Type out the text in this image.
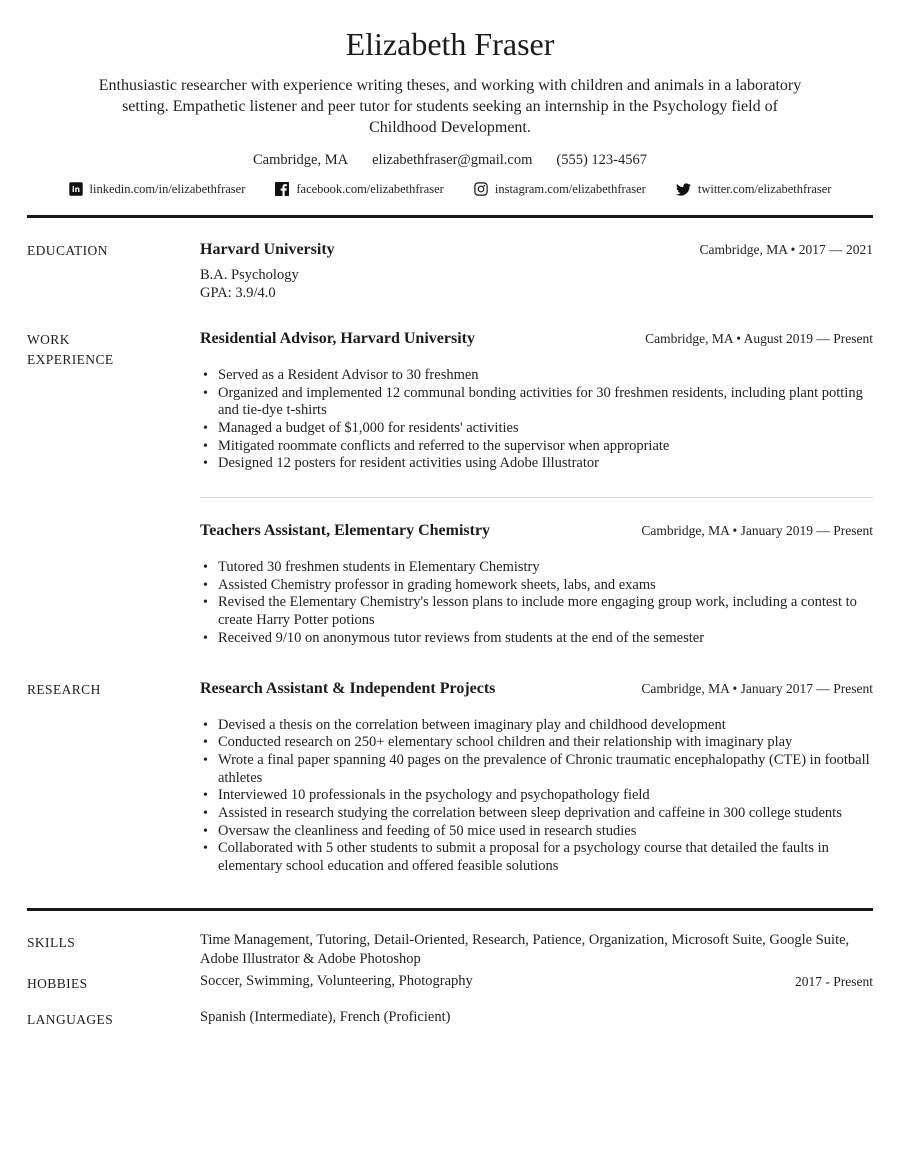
Elizabeth Fraser

Enthusiastic researcher with experience writing theses, and working with children and animals in a laboratory setting. Empathetic listener and peer tutor for students seeking an internship in the Psychology field of Childhood Development.

Cambridge, MA elizabethfraser@gmail.com (555) 123-4567
in linkedin.com/in/elizabethfraser	facebook.com/elizabethfraser	instagram.com/elizabethfraser	twitter.com/elizabethfraser
EDUCATION	Harvard University	Cambridge, MA • 2017 — 2021
B.A. Psychology
GPA: 3.9/4.0
WORK EXPERIENCE
Residential Advisor, Harvard University	Cambridge, MA • August 2019 — Present
• Served as a Resident Advisor to 30 freshmen
• Organized and implemented 12 communal bonding activities for 30 freshmen residents, including plant potting and tie-dye t-shirts
• Managed a budget of $1,000 for residents' activities
• Mitigated roommate conflicts and referred to the supervisor when appropriate
• Designed 12 posters for resident activities using Adobe Illustrator
Teachers Assistant, Elementary Chemistry	Cambridge, MA • January 2019 — Present
• Tutored 30 freshmen students in Elementary Chemistry
• Assisted Chemistry professor in grading homework sheets, labs, and exams
• Revised the Elementary Chemistry's lesson plans to include more engaging group work, including a contest to create Harry Potter potions
• Received 9/10 on anonymous tutor reviews from students at the end of the semester
RESEARCH	Research Assistant & Independent Projects	Cambridge, MA • January 2017 — Present
• Devised a thesis on the correlation between imaginary play and childhood development
• Conducted research on 250+ elementary school children and their relationship with imaginary play
• Wrote a final paper spanning 40 pages on the prevalence of Chronic traumatic encephalopathy (CTE) in football athletes
• Interviewed 10 professionals in the psychology and psychopathology field
• Assisted in research studying the correlation between sleep deprivation and caffeine in 300 college students
• Oversaw the cleanliness and feeding of 50 mice used in research studies
• Collaborated with 5 other students to submit a proposal for a psychology course that detailed the faults in elementary school education and offered feasible solutions
SKILLS	Time Management, Tutoring, Detail-Oriented, Research, Patience, Organization, Microsoft Suite, Google Suite, Adobe Illustrator & Adobe Photoshop
HOBBIES	Soccer, Swimming, Volunteering, Photography	2017 - Present
LANGUAGES	Spanish (Intermediate), French (Proficient)
